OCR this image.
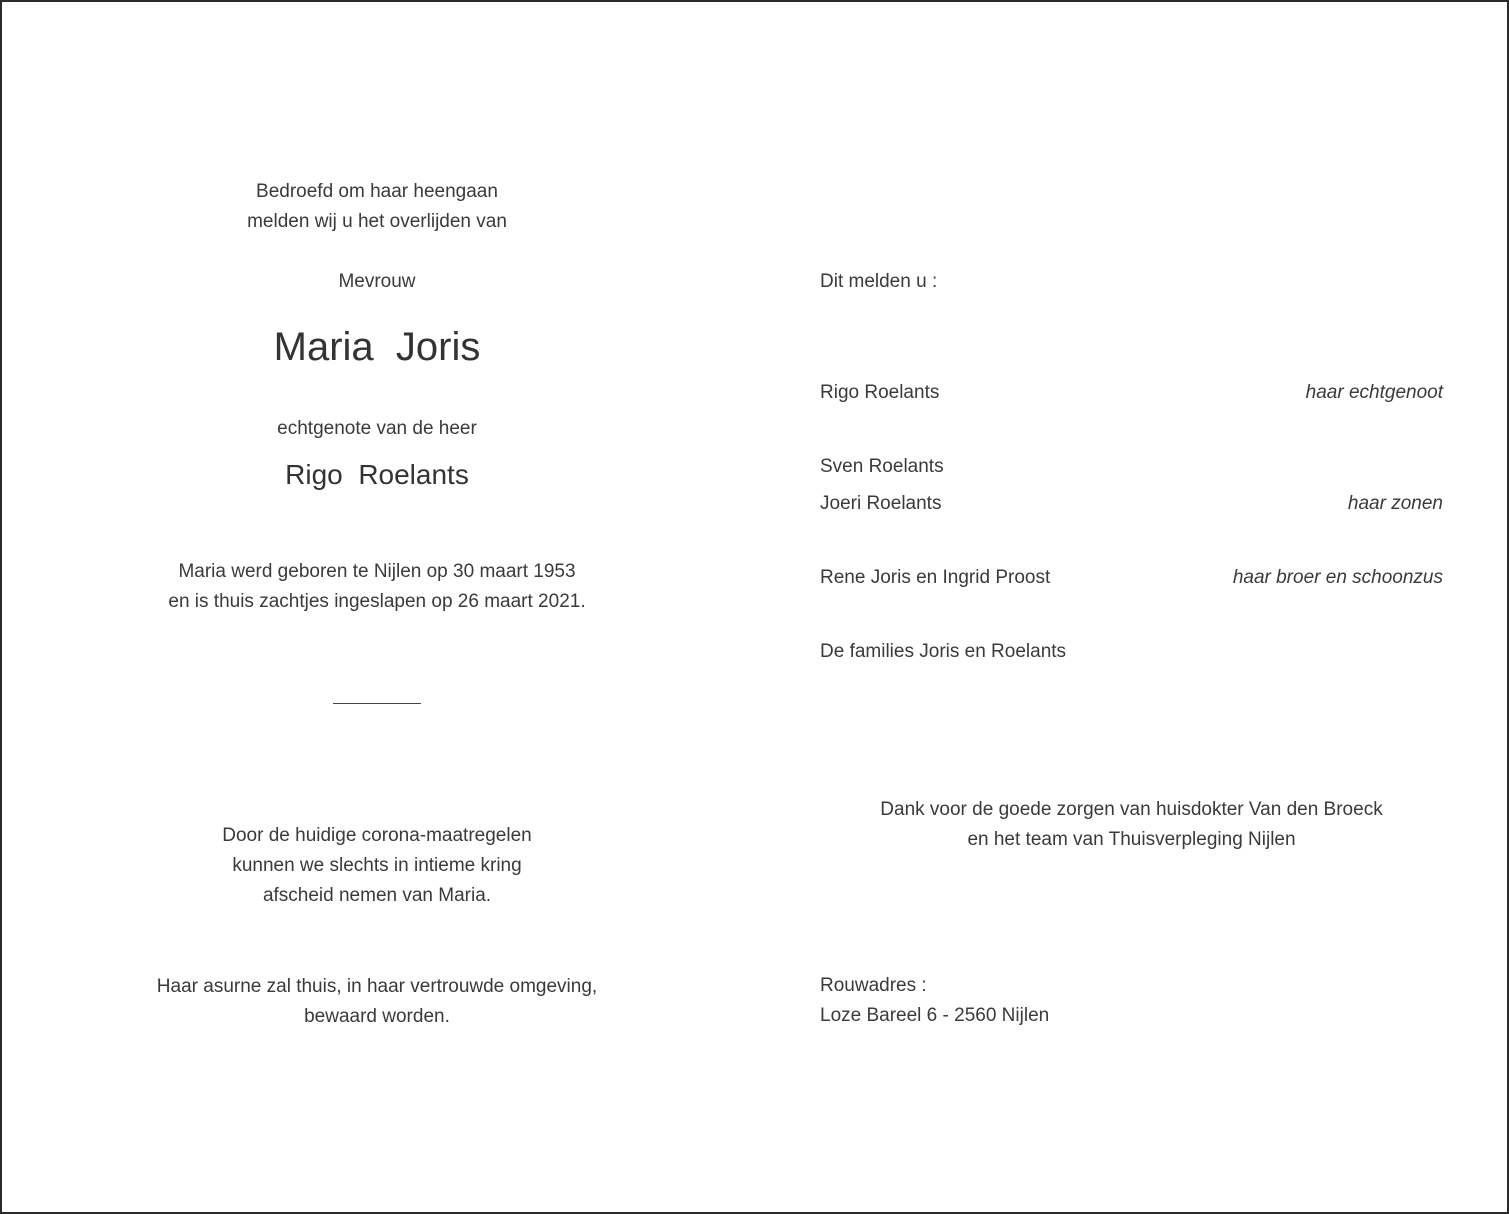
Bedroefd om haar heengaan
melden wij u het overlijden van
Mevrouw
Maria  Joris
echtgenote van de heer
Rigo  Roelants
Maria werd geboren te Nijlen op 30 maart 1953
en is thuis zachtjes ingeslapen op 26 maart 2021.
Door de huidige corona-maatregelen
kunnen we slechts in intieme kring
afscheid nemen van Maria.
Haar asurne zal thuis, in haar vertrouwde omgeving,
bewaard worden.
Dit melden u :
Rigo Roelants	haar echtgenoot
Sven Roelants
Joeri Roelants	haar zonen
Rene Joris en Ingrid Proost	haar broer en schoonzus
De families Joris en Roelants
Rouwadres :
Loze Bareel 6 - 2560 Nijlen
Dank voor de goede zorgen van huisdokter Van den Broeck
en het team van Thuisverpleging Nijlen
